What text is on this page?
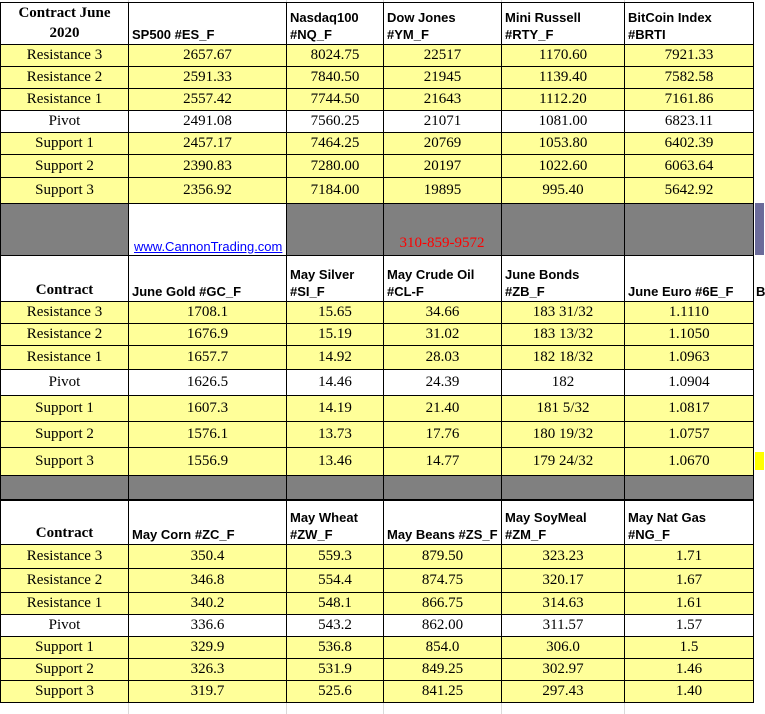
Contract June 2020	SP500 #ES_F	Nasdaq100 #NQ_F	Dow Jones #YM_F	Mini Russell #RTY_F	BitCoin Index #BRTI
Resistance 3	2657.67	8024.75	22517	1170.60	7921.33
Resistance 2	2591.33	7840.50	21945	1139.40	7582.58
Resistance 1	2557.42	7744.50	21643	1112.20	7161.86
Pivot	2491.08	7560.25	21071	1081.00	6823.11
Support 1	2457.17	7464.25	20769	1053.80	6402.39
Support 2	2390.83	7280.00	20197	1022.60	6063.64
Support 3	2356.92	7184.00	19895	995.40	5642.92
	www.CannonTrading.com					310-859-9572
Contract	June Gold #GC_F	May Silver #SI_F	May Crude Oil #CL-F	June Bonds #ZB_F	June Euro #6E_F
Resistance 3	1708.1	15.65	34.66	183 31/32	1.1110
Resistance 2	1676.9	15.19	31.02	183 13/32	1.1050
Resistance 1	1657.7	14.92	28.03	182 18/32	1.0963
Pivot	1626.5	14.46	24.39	182	1.0904
Support 1	1607.3	14.19	21.40	181 5/32	1.0817
Support 2	1576.1	13.73	17.76	180 19/32	1.0757
Support 3	1556.9	13.46	14.77	179 24/32	1.0670

Contract	May Corn #ZC_F	May Wheat #ZW_F	May Beans #ZS_F	May SoyMeal #ZM_F	May Nat Gas #NG_F
Resistance 3	350.4	559.3	879.50	323.23	1.71
Resistance 2	346.8	554.4	874.75	320.17	1.67
Resistance 1	340.2	548.1	866.75	314.63	1.61
Pivot	336.6	543.2	862.00	311.57	1.57
Support 1	329.9	536.8	854.0	306.0	1.5
Support 2	326.3	531.9	849.25	302.97	1.46
Support 3	319.7	525.6	841.25	297.43	1.40
B
